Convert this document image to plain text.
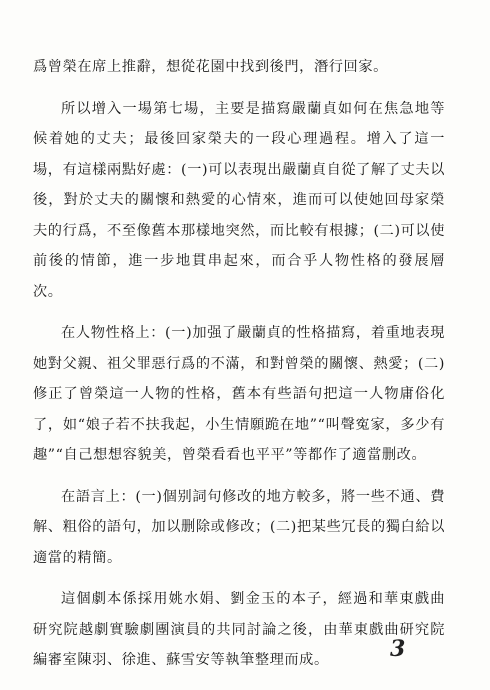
爲曾榮在席上推辭，想從花園中找到後門，潛行回家。

所以增入一場第七場，主要是描寫嚴蘭貞如何在焦急地等候着她的丈夫；最後回家榮夫的一段心理過程。增入了這一場，有這樣兩點好處：(一)可以表現出嚴蘭貞自從了解了丈夫以後，對於丈夫的關懷和熱愛的心情來，進而可以使她回母家榮夫的行爲，不至像舊本那樣地突然，而比較有根據；(二)可以使前後的情節，進一步地貫串起來，而合乎人物性格的發展層次。

在人物性格上：(一)加强了嚴蘭貞的性格描寫，着重地表現她對父親、祖父罪惡行爲的不滿，和對曾榮的關懷、熱愛；(二)修正了曾榮這一人物的性格，舊本有些語句把這一人物庸俗化了，如“娘子若不扶我起，小生情願跪在地”“叫聲寃家，多少有趣”“自己想想容貌美，曾榮看看也平平”等都作了適當删改。

在語言上：(一)個别詞句修改的地方較多，將一些不通、費解、粗俗的語句，加以删除或修改；(二)把某些冗長的獨白給以適當的精簡。

這個劇本係採用姚水娟、劉金玉的本子，經過和華東戲曲研究院越劇實驗劇團演員的共同討論之後，由華東戲曲研究院編審室陳羽、徐進、蘇雪安等執筆整理而成。	3
